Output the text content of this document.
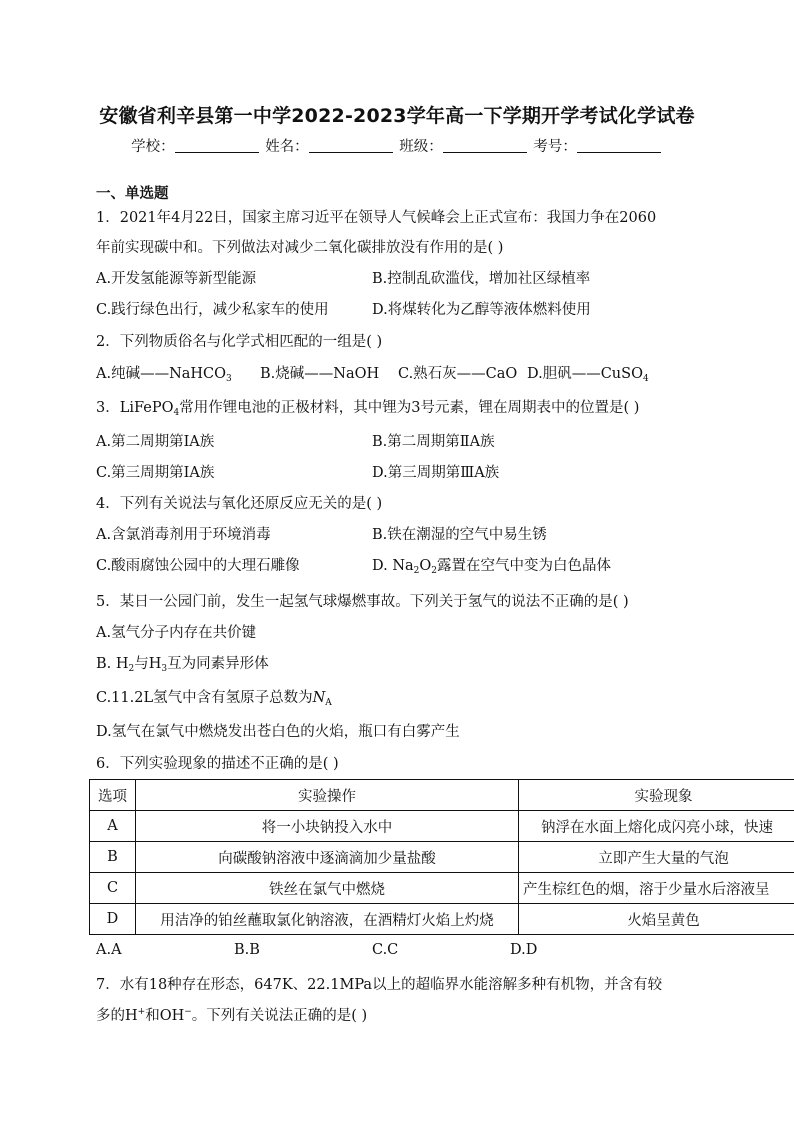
安徽省利辛县第一中学2022-2023学年高一下学期开学考试化学试卷
学校：	姓名：	班级：	考号：
一、单选题
1．2021年4月22日，国家主席习近平在领导人气候峰会上正式宣布：我国力争在2060
年前实现碳中和。下列做法对减少二氧化碳排放没有作用的是( )
A.开发氢能源等新型能源	B.控制乱砍滥伐，增加社区绿植率
C.践行绿色出行，减少私家车的使用	D.将煤转化为乙醇等液体燃料使用
2．下列物质俗名与化学式相匹配的一组是( )
A.纯碱——NaHCO$_3$ B.烧碱——NaOH C.熟石灰——CaO D.胆矾——CuSO$_4$
3．LiFePO$_4$常用作锂电池的正极材料，其中锂为3号元素，锂在周期表中的位置是( )
A.第二周期第ⅠA族	B.第二周期第ⅡA族
C.第三周期第ⅠA族	D.第三周期第ⅢA族
4．下列有关说法与氧化还原反应无关的是( )
A.含氯消毒剂用于环境消毒	B.铁在潮湿的空气中易生锈
C.酸雨腐蚀公园中的大理石雕像	D. $Na_2O_2$露置在空气中变为白色晶体
5．某日一公园门前，发生一起氢气球爆燃事故。下列关于氢气的说法不正确的是( )
A.氢气分子内存在共价键
B. $H_2$与$H_3$互为同素异形体
C.11.2L氢气中含有氢原子总数为$N_A$
D.氢气在氯气中燃烧发出苍白色的火焰，瓶口有白雾产生
6．下列实验现象的描述不正确的是( )
选项	实验操作	实验现象
A	将一小块钠投入水中	钠浮在水面上熔化成闪亮小球，快速
B	向碳酸钠溶液中逐滴滴加少量盐酸	立即产生大量的气泡
C	铁丝在氯气中燃烧	产生棕红色的烟，溶于少量水后溶液呈
D	用洁净的铂丝蘸取氯化钠溶液，在酒精灯火焰上灼烧	火焰呈黄色
A.A	B.B	C.C	D.D
7．水有18种存在形态，647K、22.1MPa以上的超临界水能溶解多种有机物，并含有较
多的H+和OH−。下列有关说法正确的是( )
